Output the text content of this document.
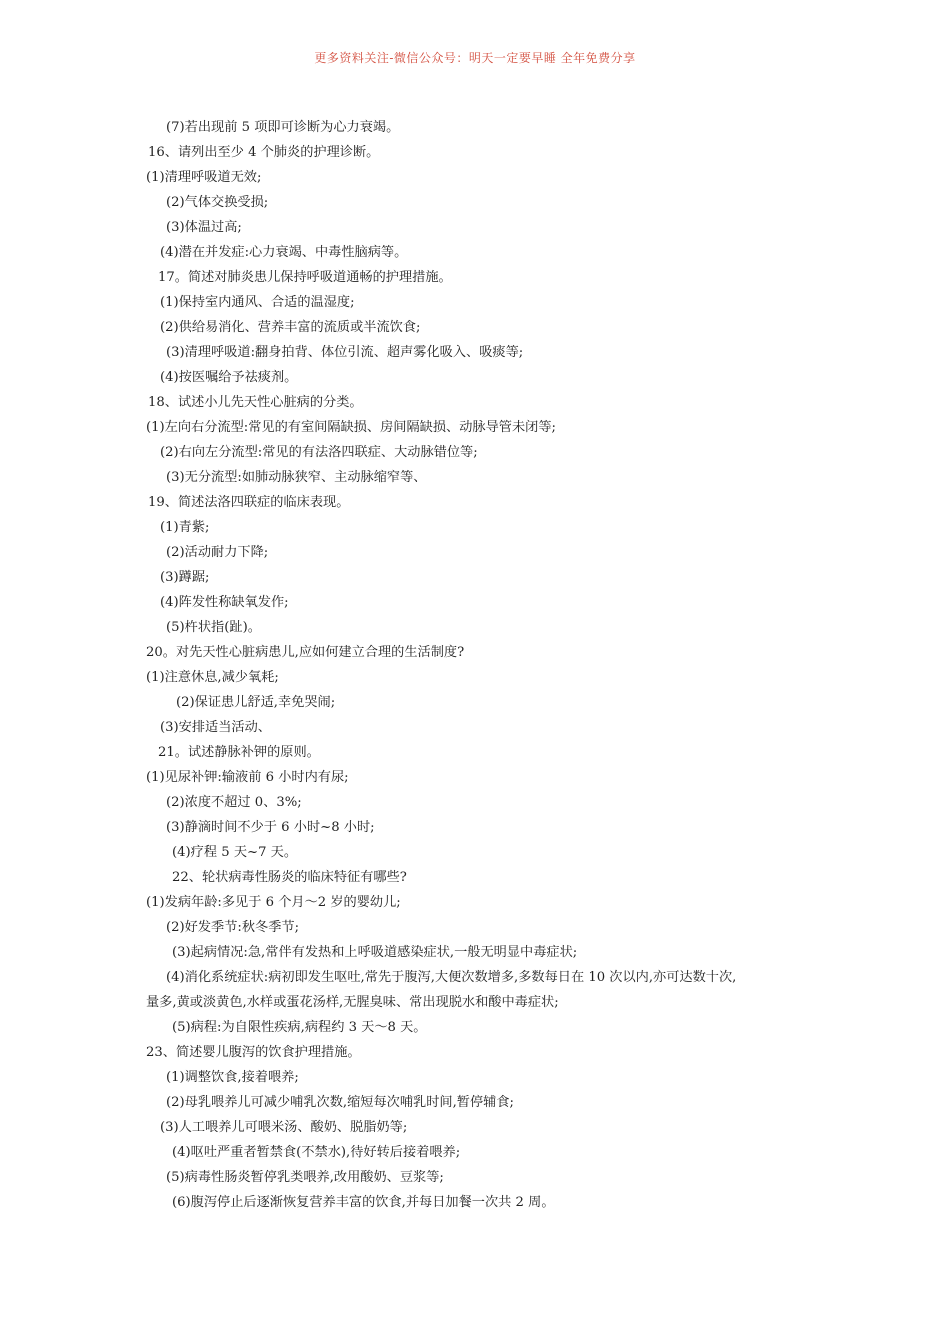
更多资料关注-微信公众号：明天一定要早睡 全年免费分享
(7)若出现前 5 项即可诊断为心力衰竭。
16、请列出至少 4 个肺炎的护理诊断。
(1)清理呼吸道无效;
(2)气体交换受损;
(3)体温过高;
(4)潜在并发症:心力衰竭、中毒性脑病等。
17。简述对肺炎患儿保持呼吸道通畅的护理措施。
(1)保持室内通风、合适的温湿度;
(2)供给易消化、营养丰富的流质或半流饮食;
(3)清理呼吸道:翻身拍背、体位引流、超声雾化吸入、吸痰等;
(4)按医嘱给予祛痰剂。
18、试述小儿先天性心脏病的分类。
(1)左向右分流型:常见的有室间隔缺损、房间隔缺损、动脉导管未闭等;
(2)右向左分流型:常见的有法洛四联症、大动脉错位等;
(3)无分流型:如肺动脉狭窄、主动脉缩窄等、
19、简述法洛四联症的临床表现。
(1)青紫;
(2)活动耐力下降;
(3)蹲踞;
(4)阵发性称缺氧发作;
(5)杵状指(趾)。
20。对先天性心脏病患儿,应如何建立合理的生活制度?
(1)注意休息,减少氧耗;
(2)保证患儿舒适,幸免哭闹;
(3)安排适当活动、
21。试述静脉补钾的原则。
(1)见尿补钾:输液前 6 小时内有尿;
(2)浓度不超过 0、3%;
(3)静滴时间不少于 6 小时~8 小时;
(4)疗程 5 天~7 天。
22、轮状病毒性肠炎的临床特征有哪些?
(1)发病年龄:多见于 6 个月～2 岁的婴幼儿;
(2)好发季节:秋冬季节;
(3)起病情况:急,常伴有发热和上呼吸道感染症状,一般无明显中毒症状;
(4)消化系统症状:病初即发生呕吐,常先于腹泻,大便次数增多,多数每日在 10 次以内,亦可达数十次,
量多,黄或淡黄色,水样或蛋花汤样,无腥臭味、常出现脱水和酸中毒症状;
(5)病程:为自限性疾病,病程约 3 天～8 天。
23、简述婴儿腹泻的饮食护理措施。
(1)调整饮食,接着喂养;
(2)母乳喂养儿可减少哺乳次数,缩短每次哺乳时间,暂停辅食;
(3)人工喂养儿可喂米汤、酸奶、脱脂奶等;
(4)呕吐严重者暂禁食(不禁水),待好转后接着喂养;
(5)病毒性肠炎暂停乳类喂养,改用酸奶、豆浆等;
(6)腹泻停止后逐渐恢复营养丰富的饮食,并每日加餐一次共 2 周。
